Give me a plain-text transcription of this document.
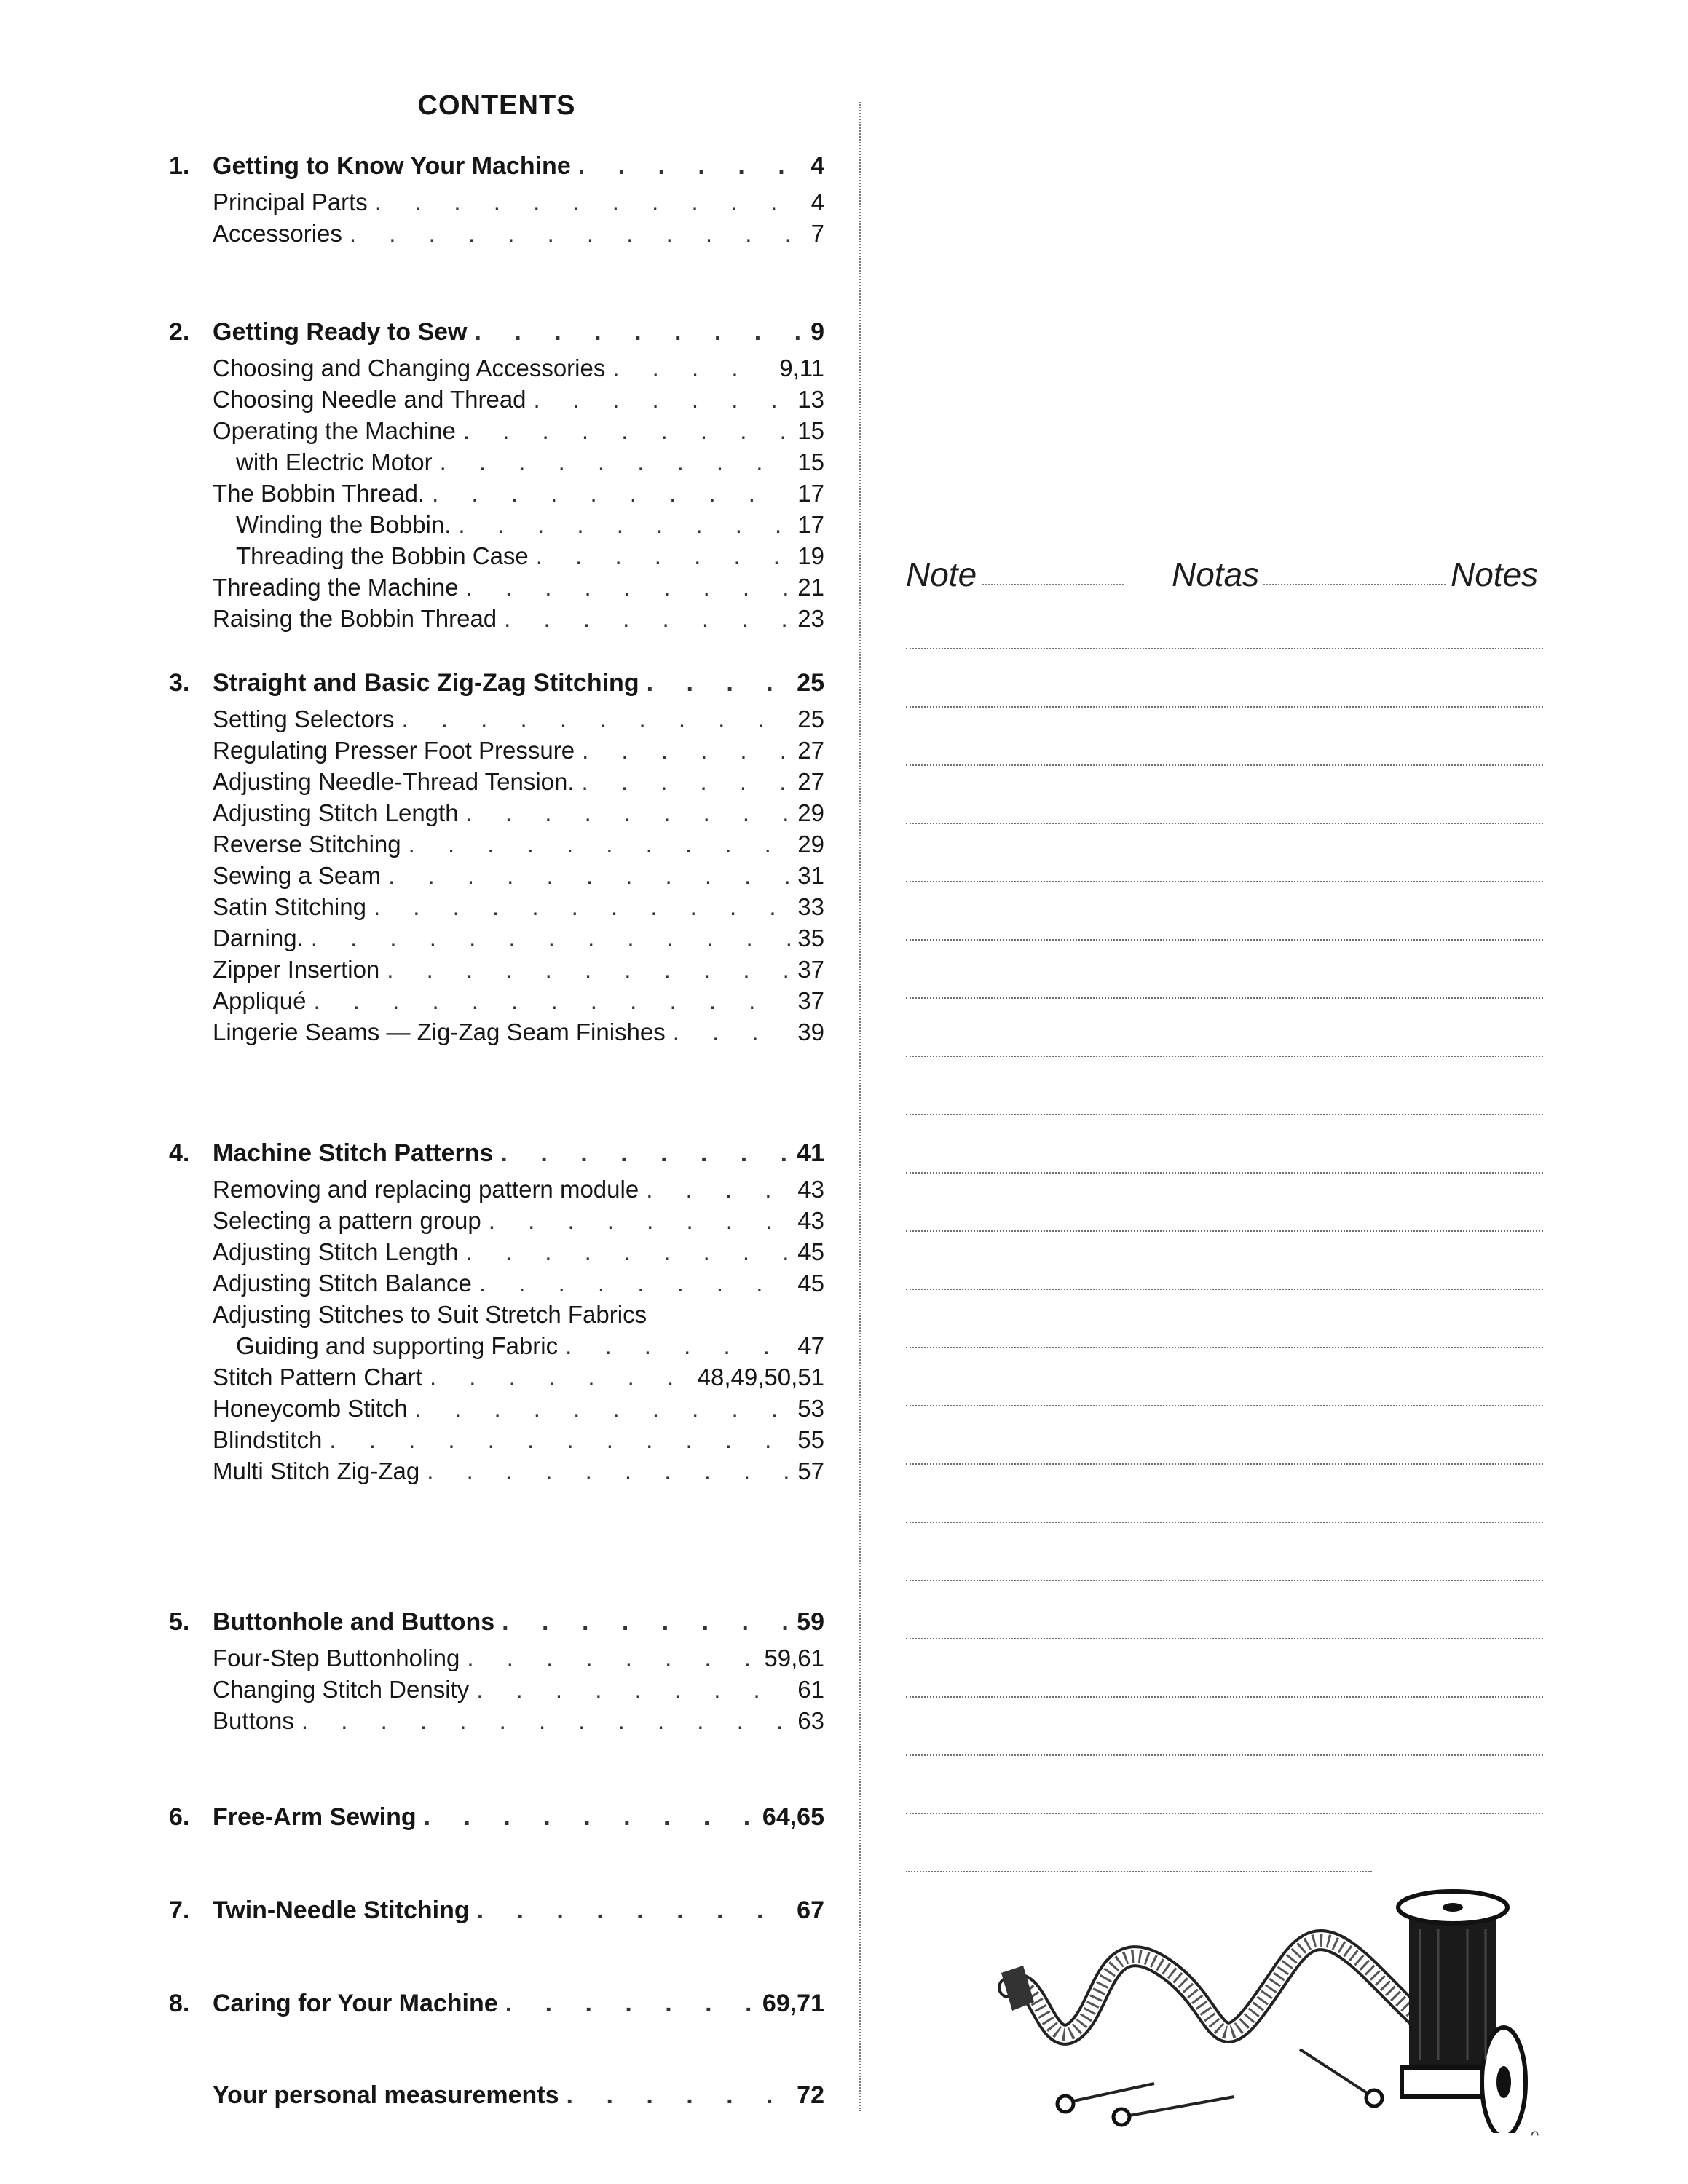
CONTENTS
1. Getting to Know Your Machine . . .	4
Principal Parts . . .	4
Accessories . . .	7
2. Getting Ready to Sew . . .	9
Choosing and Changing Accessories . . .	9,11
Choosing Needle and Thread . . .	13
Operating the Machine . . .	15
with Electric Motor . . .	15
The Bobbin Thread. . . .	17
Winding the Bobbin. . . .	17
Threading the Bobbin Case . . .	19
Threading the Machine . . .	21
Raising the Bobbin Thread . . .	23
3. Straight and Basic Zig-Zag Stitching . . .	25
Setting Selectors . . .	25
Regulating Presser Foot Pressure . . .	27
Adjusting Needle-Thread Tension. . . .	27
Adjusting Stitch Length . . .	29
Reverse Stitching . . .	29
Sewing a Seam . . .	31
Satin Stitching . . .	33
Darning. . . .	35
Zipper Insertion . . .	37
Appliqué . . .	37
Lingerie Seams — Zig-Zag Seam Finishes . . .	39
4. Machine Stitch Patterns . . .	41
Removing and replacing pattern module . . .	43
Selecting a pattern group . . .	43
Adjusting Stitch Length . . .	45
Adjusting Stitch Balance . . .	45
Adjusting Stitches to Suit Stretch Fabrics
Guiding and supporting Fabric . . .	47
Stitch Pattern Chart . . .	48,49,50,51
Honeycomb Stitch . . .	53
Blindstitch . . .	55
Multi Stitch Zig-Zag . . .	57
5. Buttonhole and Buttons . . .	59
Four-Step Buttonholing . . .	59,61
Changing Stitch Density . . .	61
Buttons . . .	63
6. Free-Arm Sewing . . .	64,65
7. Twin-Needle Stitching . . .	67
8. Caring for Your Machine . . .	69,71
Your personal measurements . . .	72
Note	Notas	Notes
ᵔ
